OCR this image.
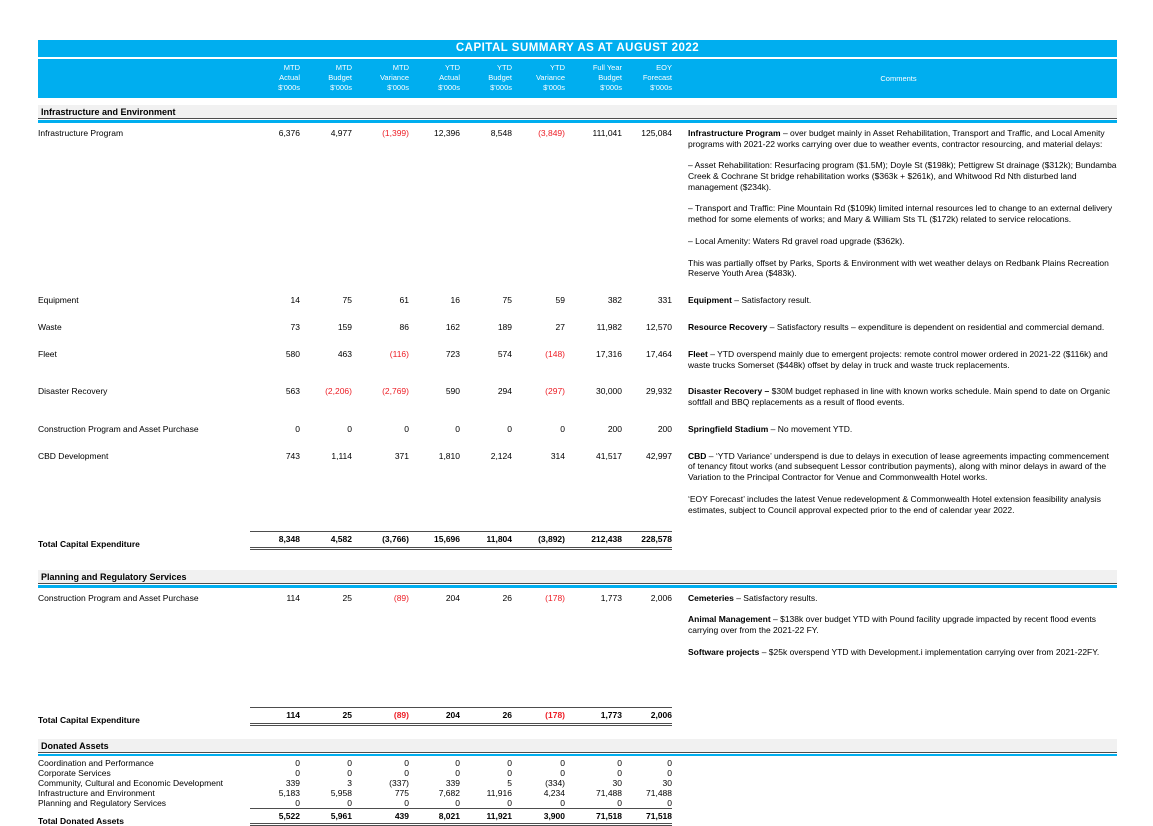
CAPITAL SUMMARY AS AT AUGUST 2022
MTD
Actual
$'000s
MTD
Budget
$'000s
MTD
Variance
$'000s
YTD
Actual
$'000s
YTD
Budget
$'000s
YTD
Variance
$'000s
Full Year
Budget
$'000s
EOY
Forecast
$'000s
Comments
Infrastructure and Environment
Infrastructure Program	6,376	4,977	(1,399)	12,396	8,548	(3,849)	111,041	125,084 Infrastructure Program – over budget mainly in Asset Rehabilitation, Transport and Traffic, and Local Amenity programs with 2021-22 works carrying over due to weather events, contractor resourcing, and material delays:

– Asset Rehabilitation: Resurfacing program ($1.5M); Doyle St ($198k); Pettigrew St drainage ($312k); Bundamba Creek & Cochrane St bridge rehabilitation works ($363k + $261k), and Whitwood Rd Nth disturbed land management ($234k).

– Transport and Traffic: Pine Mountain Rd ($109k) limited internal resources led to change to an external delivery method for some elements of works; and Mary & William Sts TL ($172k) related to service relocations.

– Local Amenity: Waters Rd gravel road upgrade ($362k).

This was partially offset by Parks, Sports & Environment with wet weather delays on Redbank Plains Recreation Reserve Youth Area ($483k).

Equipment	14	75	61	16	75	59	382	331 Equipment – Satisfactory result.

Waste	73	159	86	162	189	27	11,982	12,570 Resource Recovery – Satisfactory results – expenditure is dependent on residential and commercial demand.

Fleet	580	463	(116)	723	574	(148)	17,316	17,464 Fleet – YTD overspend mainly due to emergent projects: remote control mower ordered in 2021-22 ($116k) and waste trucks Somerset ($448k) offset by delay in truck and waste truck replacements.

Disaster Recovery	563	(2,206)	(2,769)	590	294	(297)	30,000	29,932 Disaster Recovery – $30M budget rephased in line with known works schedule. Main spend to date on Organic softfall and BBQ replacements as a result of flood events.

Construction Program and Asset Purchase	0	0	0	0	0	0	200	200 Springfield Stadium – No movement YTD.

CBD Development	743	1,114	371	1,810	2,124	314	41,517	42,997 CBD – ‘YTD Variance’ underspend is due to delays in execution of lease agreements impacting commencement of tenancy fitout works (and subsequent Lessor contribution payments), along with minor delays in award of the Variation to the Principal Contractor for Venue and Commonwealth Hotel works.

‘EOY Forecast’ includes the latest Venue redevelopment & Commonwealth Hotel extension feasibility analysis estimates, subject to Council approval expected prior to the end of calendar year 2022.

Total Capital Expenditure	8,348	4,582	(3,766)	15,696	11,804	(3,892)	212,438	228,578
Planning and Regulatory Services
Construction Program and Asset Purchase	114	25	(89)	204	26	(178)	1,773	2,006 Cemeteries – Satisfactory results.

Animal Management – $138k over budget YTD with Pound facility upgrade impacted by recent flood events carrying over from the 2021-22 FY.

Software projects – $25k overspend YTD with Development.i implementation carrying over from 2021-22FY.

Total Capital Expenditure	114	25	(89)	204	26	(178)	1,773	2,006
Donated Assets
Coordination and Performance	0	0	0	0	0	0	0	0
Corporate Services	0	0	0	0	0	0	0	0
Community, Cultural and Economic Development	339	3	(337)	339	5	(334)	30	30
Infrastructure and Environment	5,183	5,958	775	7,682	11,916	4,234	71,488	71,488
Planning and Regulatory Services	0	0	0	0	0	0	0	0
Total Donated Assets	5,522	5,961	439	8,021	11,921	3,900	71,518	71,518
